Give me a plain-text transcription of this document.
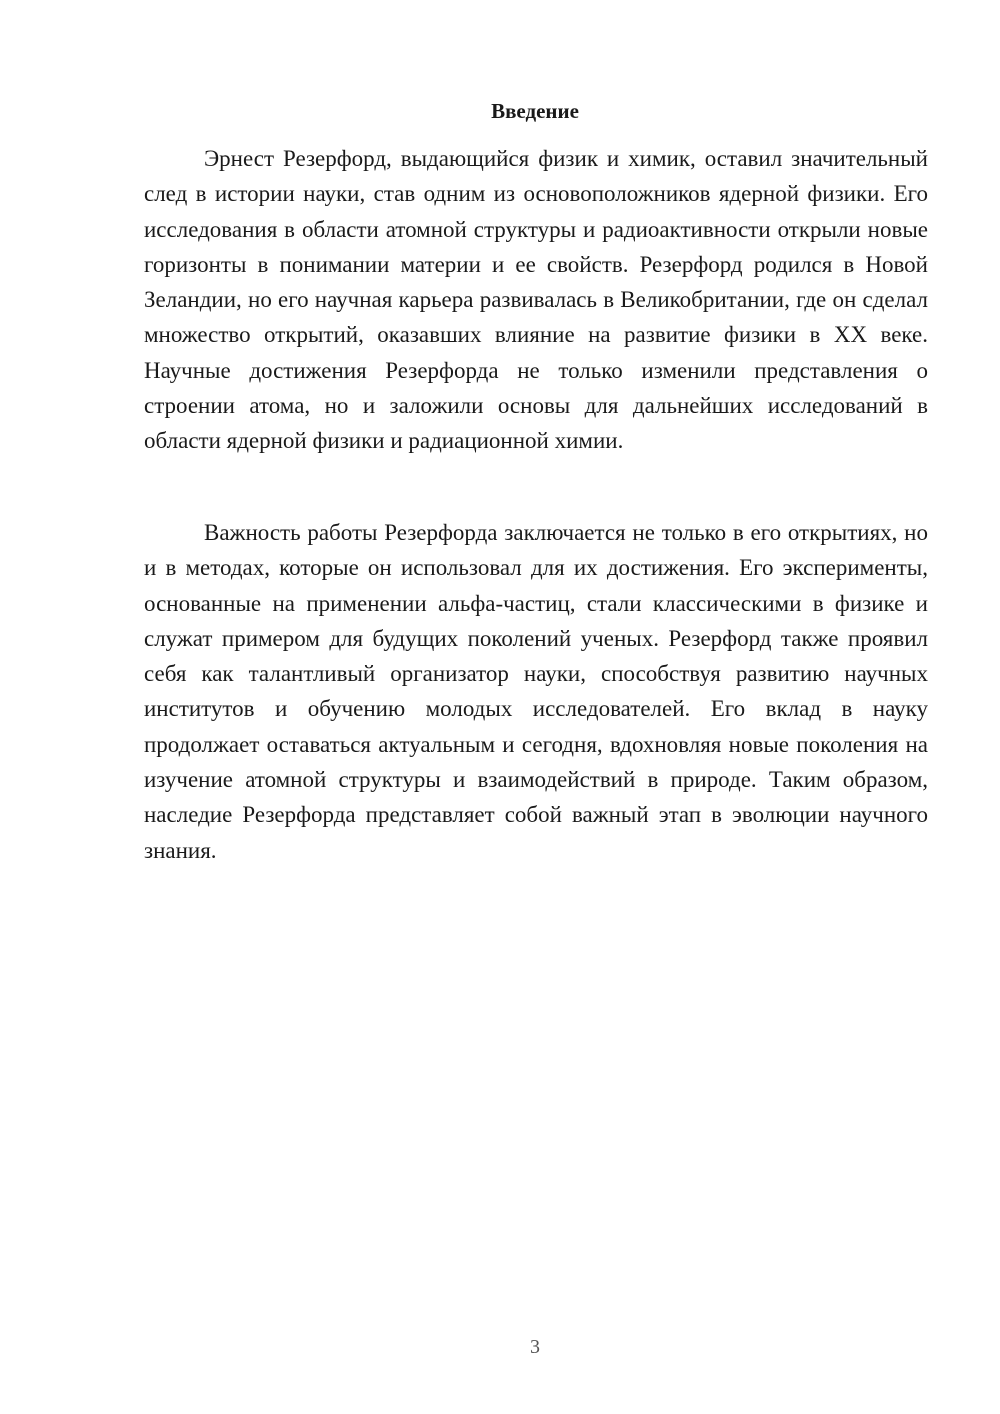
Введение

Эрнест Резерфорд, выдающийся физик и химик, оставил значительный след в истории науки, став одним из основоположников ядерной физики. Его исследования в области атомной структуры и радиоактивности открыли новые горизонты в понимании материи и ее свойств. Резерфорд родился в Новой Зеландии, но его научная карьера развивалась в Великобритании, где он сделал множество открытий, оказавших влияние на развитие физики в XX веке. Научные достижения Резерфорда не только изменили представления о строении атома, но и заложили основы для дальнейших исследований в области ядерной физики и радиационной химии.

Важность работы Резерфорда заключается не только в его открытиях, но и в методах, которые он использовал для их достижения. Его эксперименты, основанные на применении альфа-частиц, стали классическими в физике и служат примером для будущих поколений ученых. Резерфорд также проявил себя как талантливый организатор науки, способствуя развитию научных институтов и обучению молодых исследователей. Его вклад в науку продолжает оставаться актуальным и сегодня, вдохновляя новые поколения на изучение атомной структуры и взаимодействий в природе. Таким образом, наследие Резерфорда представляет собой важный этап в эволюции научного знания.

3
